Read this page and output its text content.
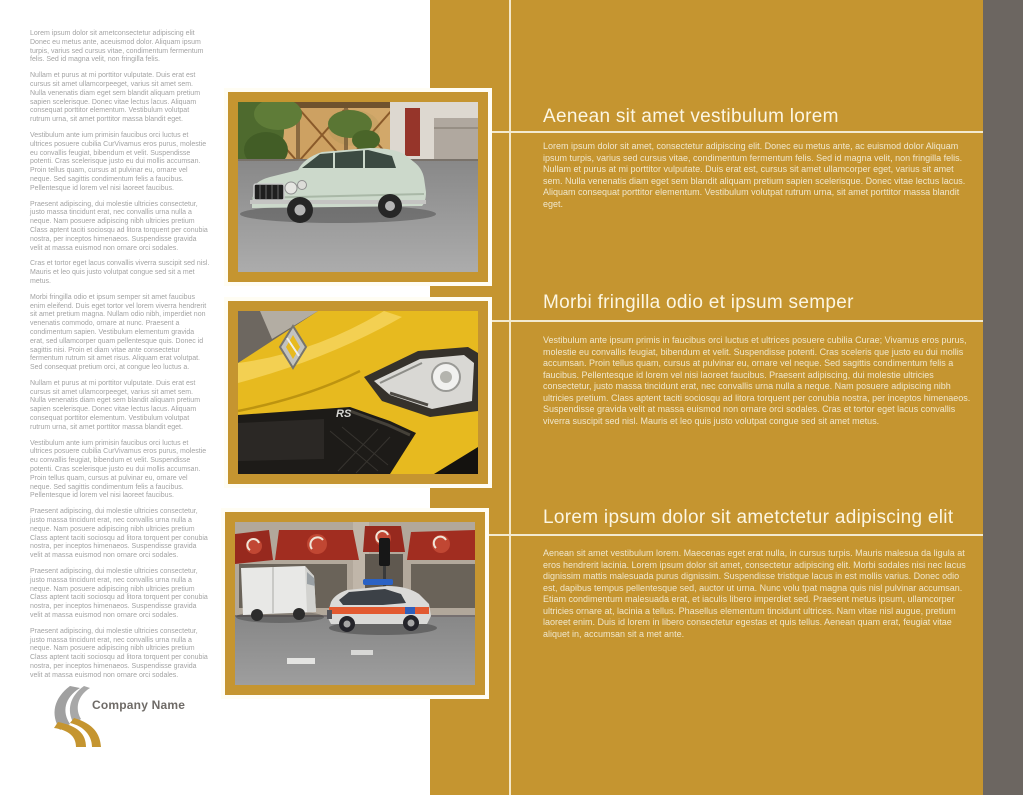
Lorem ipsum dolor sit ametconsectetur adipiscing elit Donec eu metus ante, aceuismod dolor. Aliquam ipsum turpis, varius sed cursus vitae, condimentum fermentum felis. Sed id magna velit, non fringilla felis.

Nullam et purus at mi porttitor vulputate. Duis erat est cursus sit amet ullamcorpeeget, varius sit amet sem. Nulla venenatis diam eget sem blandit aliquam pretium sapien scelerisque. Donec vitae lectus lacus. Aliquam consequat porttitor elementum. Vestibulum volutpat rutrum urna, sit amet porttitor massa blandit eget.

Vestibulum ante ium primisin faucibus orci luctus et ultrices posuere cubilia CurVivamus eros purus, molestie eu convallis feugiat, bibendum et velit. Suspendisse potenti. Cras scelerisque justo eu dui mollis accumsan. Proin tellus quam, cursus at pulvinar eu, ornare vel neque. Sed sagittis condimentum felis a faucibus. Pellentesque id lorem vel nisi laoreet faucibus.

Praesent adipiscing, dui molestie ultricies consectetur, justo massa tincidunt erat, nec convallis urna nulla a neque. Nam posuere adipiscing nibh ultricies pretium Class aptent taciti sociosqu ad litora torquent per conubia nostra, per inceptos himenaeos. Suspendisse gravida velit at massa euismod non ornare orci sodales.

Cras et tortor eget lacus convallis viverra suscipit sed nisl. Mauris et leo quis justo volutpat congue sed sit a met metus.

Morbi fringilla odio et ipsum semper sit amet faucibus enim eleifend. Duis eget tortor vel lorem viverra hendrerit sit amet pretium magna. Nullam odio nibh, imperdiet non venenatis commodo, ornare at nunc. Praesent a condimentum sapien. Vestibulum elementum gravida erat, sed ullamcorper quam pellentesque quis. Donec id sagittis nisi. Proin et diam vitae ante consectetur fermentum rutrum sit amet risus. Aliquam erat volutpat. Sed consequat pretium orci, at congue leo luctus a.

Nullam et purus at mi porttitor vulputate. Duis erat est cursus sit amet ullamcorpeeget, varius sit amet sem. Nulla venenatis diam eget sem blandit aliquam pretium sapien scelerisque. Donec vitae lectus lacus. Aliquam consequat porttitor elementum. Vestibulum volutpat rutrum urna, sit amet porttitor massa blandit eget.

Vestibulum ante ium primisin faucibus orci luctus et ultrices posuere cubilia CurVivamus eros purus, molestie eu convallis feugiat, bibendum et velit. Suspendisse potenti. Cras scelerisque justo eu dui mollis accumsan. Proin tellus quam, cursus at pulvinar eu, ornare vel neque. Sed sagittis condimentum felis a faucibus. Pellentesque id lorem vel nisi laoreet faucibus.

Praesent adipiscing, dui molestie ultricies consectetur, justo massa tincidunt erat, nec convallis urna nulla a neque. Nam posuere adipiscing nibh ultricies pretium Class aptent taciti sociosqu ad litora torquent per conubia nostra, per inceptos himenaeos. Suspendisse gravida velit at massa euismod non ornare orci sodales.

Praesent adipiscing, dui molestie ultricies consectetur, justo massa tincidunt erat, nec convallis urna nulla a neque. Nam posuere adipiscing nibh ultricies pretium Class aptent taciti sociosqu ad litora torquent per conubia nostra, per inceptos himenaeos. Suspendisse gravida velit at massa euismod non ornare orci sodales.

Praesent adipiscing, dui molestie ultricies consectetur, justo massa tincidunt erat, nec convallis urna nulla a neque. Nam posuere adipiscing nibh ultricies pretium Class aptent taciti sociosqu ad litora torquent per conubia nostra, per inceptos himenaeos. Suspendisse gravida velit at massa euismod non ornare orci sodales.

Aenean sit amet vestibulum lorem
Lorem ipsum dolor sit amet, consectetur adipiscing elit. Donec eu metus ante, ac euismod dolor Aliquam ipsum turpis, varius sed cursus vitae, condimentum fermentum felis. Sed id magna velit, non fringilla felis. Nullam et purus at mi porttitor vulputate. Duis erat est, cursus sit amet ullamcorper eget, varius sit amet sem. Nulla venenatis diam eget sem blandit aliquam pretium sapien scelerisque. Donec vitae lectus lacus. Aliquam consequat porttitor elementum. Vestibulum volutpat rutrum urna, sit amet porttitor massa blandit eget.
Morbi fringilla odio et ipsum semper
Vestibulum ante ipsum primis in faucibus orci luctus et ultrices posuere cubilia Curae; Vivamus eros purus, molestie eu convallis feugiat, bibendum et velit. Suspendisse potenti. Cras sceleris que justo eu dui mollis accumsan. Proin tellus quam, cursus at pulvinar eu, ornare vel neque. Sed sagittis condimentum felis a faucibus. Pellentesque id lorem vel nisi laoreet faucibus. Praesent adipiscing, dui molestie ultricies consectetur, justo massa tincidunt erat, nec convallis urna nulla a neque. Nam posuere adipiscing nibh ultricies pretium. Class aptent taciti sociosqu ad litora torquent per conubia nostra, per inceptos himenaeos. Suspendisse gravida velit at massa euismod non ornare orci sodales. Cras et tortor eget lacus convallis viverra suscipit sed nisl. Mauris et leo quis justo volutpat congue sed sit amet metus.
Lorem ipsum dolor sit ametctetur adipiscing elit
Aenean sit amet vestibulum lorem. Maecenas eget erat nulla, in cursus turpis. Mauris malesua da ligula at eros hendrerit lacinia. Lorem ipsum dolor sit amet, consectetur adipiscing elit. Morbi sodales nisi nec lacus dignissim mattis malesuada purus dignissim. Suspendisse tristique lacus in est mollis varius. Donec odio est, dapibus tempus pellentesque sed, auctor ut urna. Nunc volu tpat magna quis nisl pulvinar accumsan. Etiam condimentum malesuada erat, et iaculis libero imperdiet sed. Praesent metus ipsum, ullamcorper ultricies ornare at, lacinia a tellus. Phasellus elementum tincidunt ultrices. Nam vitae nisl augue, pretium laoreet enim. Duis id lorem in libero consectetur egestas et quis tellus. Aenean quam erat, feugiat vitae aliquet in, accumsan sit a met ante.
RS
Company Name
